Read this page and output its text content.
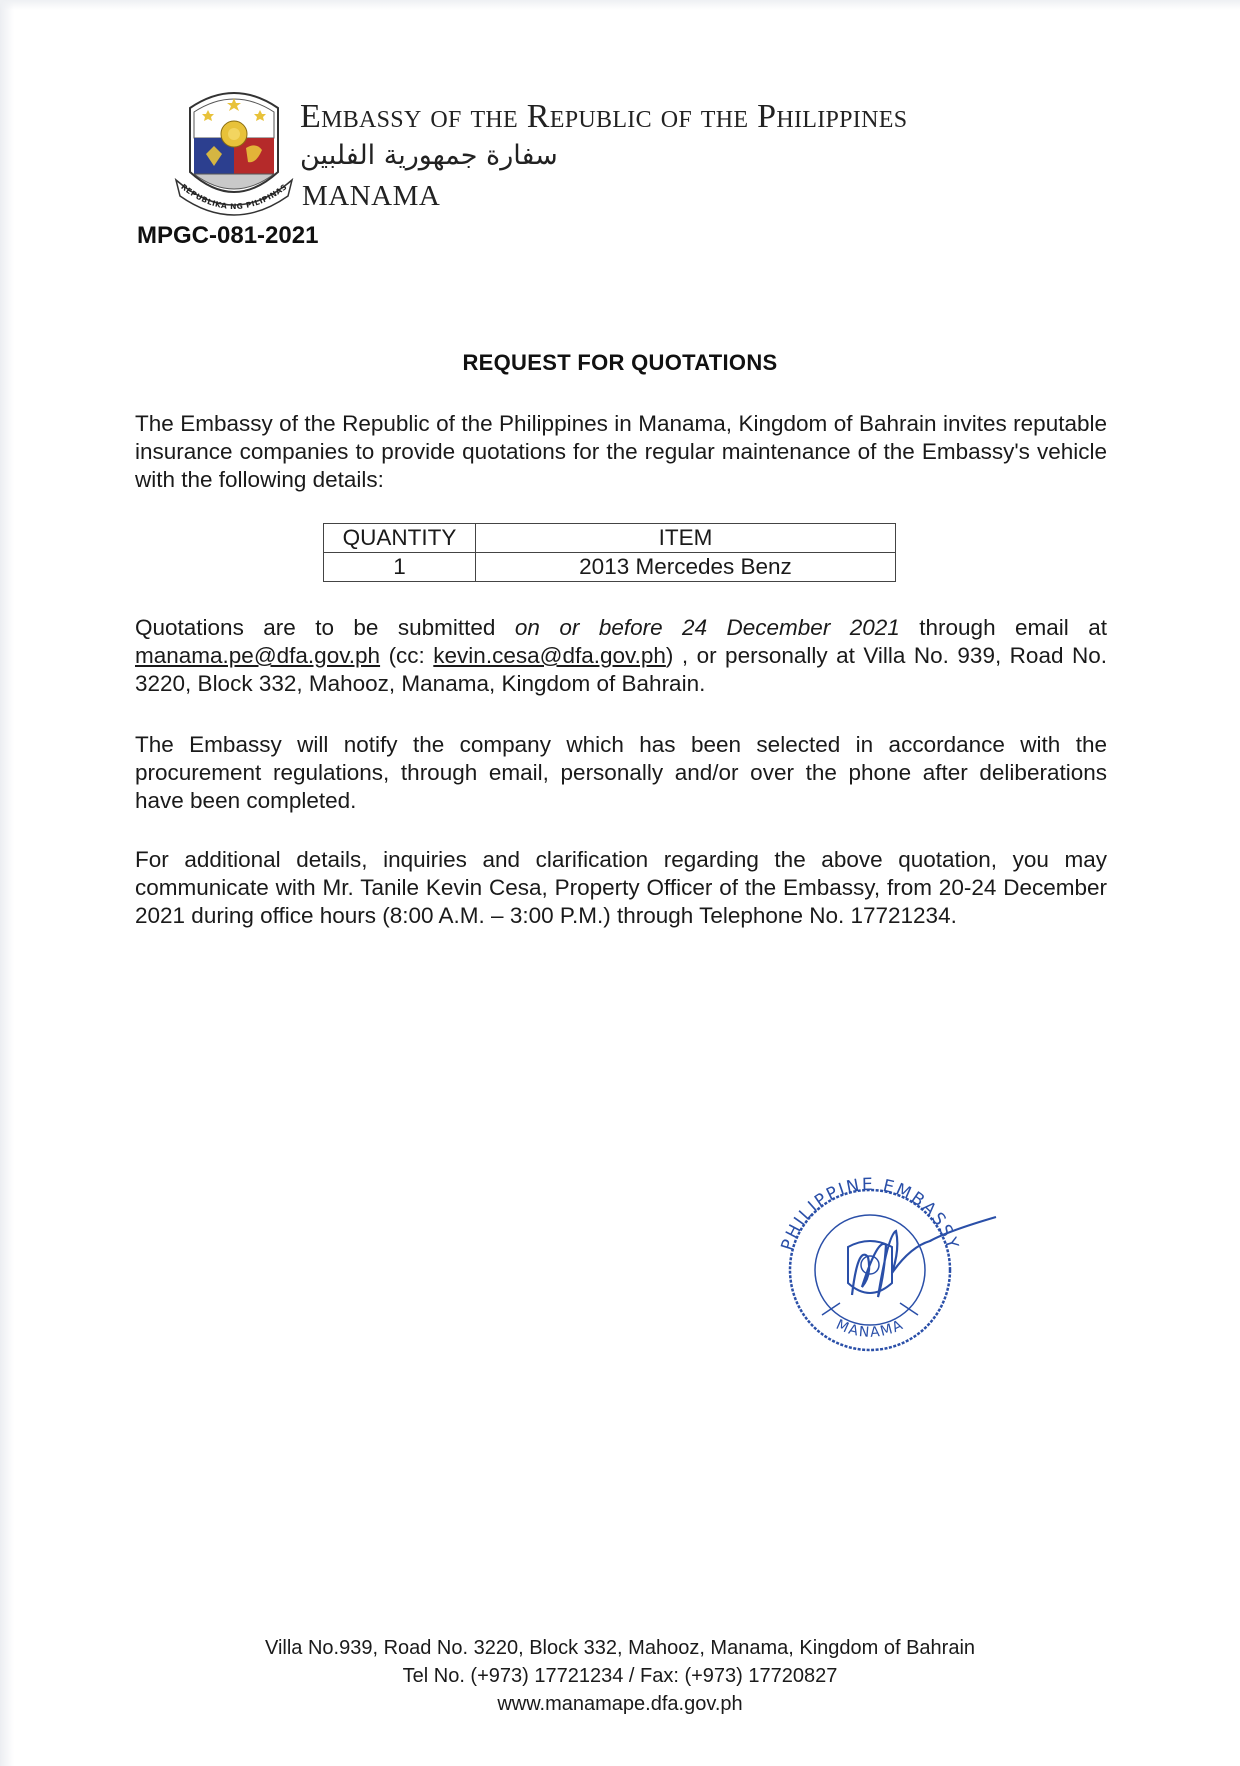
REPUBLIKA NG PILIPINAS
Embassy of the Republic of the Philippines
سفارة جمهورية الفلبين
MANAMA
MPGC-081-2021
REQUEST FOR QUOTATIONS
The Embassy of the Republic of the Philippines in Manama, Kingdom of Bahrain invites reputable insurance companies to provide quotations for the regular maintenance of the Embassy's vehicle with the following details:
QUANTITY	ITEM
1	2013 Mercedes Benz
Quotations are to be submitted on or before 24 December 2021 through email at manama.pe@dfa.gov.ph (cc: kevin.cesa@dfa.gov.ph) , or personally at Villa No. 939, Road No. 3220, Block 332, Mahooz, Manama, Kingdom of Bahrain.
The Embassy will notify the company which has been selected in accordance with the procurement regulations, through email, personally and/or over the phone after deliberations have been completed.
For additional details, inquiries and clarification regarding the above quotation, you may communicate with Mr. Tanile Kevin Cesa, Property Officer of the Embassy, from 20-24 December 2021 during office hours (8:00 A.M. – 3:00 P.M.) through Telephone No. 17721234.
PHILIPPINE EMBASSY
MANAMA
Villa No.939, Road No. 3220, Block 332, Mahooz, Manama, Kingdom of Bahrain
Tel No. (+973) 17721234 / Fax: (+973) 17720827
www.manamape.dfa.gov.ph
